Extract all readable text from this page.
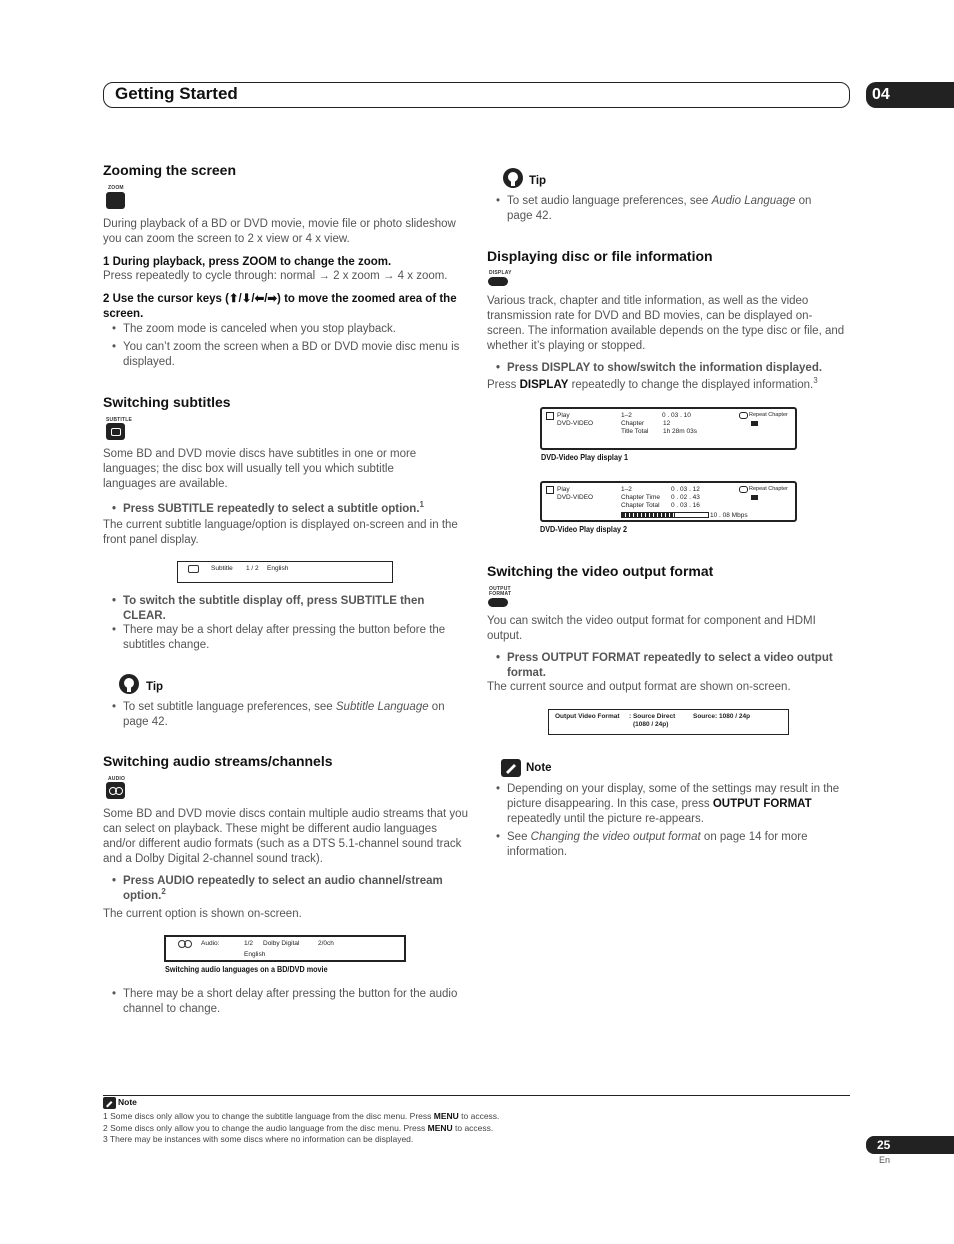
Getting Started	04
Zooming the screen
ZOOM
During playback of a BD or DVD movie, movie file or photo slideshow you can zoom the screen to 2 x view or 4 x view.
1 During playback, press ZOOM to change the zoom.
Press repeatedly to cycle through: normal → 2 x zoom → 4 x zoom.
2 Use the cursor keys (⬆/⬇/⬅/➡) to move the zoomed area of the screen.
• The zoom mode is canceled when you stop playback.
• You can’t zoom the screen when a BD or DVD movie disc menu is displayed.
Switching subtitles
SUBTITLE
Some BD and DVD movie discs have subtitles in one or more languages; the disc box will usually tell you which subtitle languages are available.
• Press SUBTITLE repeatedly to select a subtitle option.$^1$
The current subtitle language/option is displayed on-screen and in the front panel display.
Subtitle 1 / 2 English
• To switch the subtitle display off, press SUBTITLE then CLEAR.
• There may be a short delay after pressing the button before the subtitles change.
Tip
• To set subtitle language preferences, see Subtitle Language on page 42.
Switching audio streams/channels
AUDIO
Some BD and DVD movie discs contain multiple audio streams that you can select on playback. These might be different audio languages and/or different audio formats (such as a DTS 5.1-channel sound track and a Dolby Digital 2-channel sound track).
• Press AUDIO repeatedly to select an audio channel/stream option.$^2$
The current option is shown on-screen.
Audio:	1/2 Dolby Digital	2/0ch
English
Switching audio languages on a BD/DVD movie
• There may be a short delay after pressing the button for the audio channel to change.
Tip
• To set audio language preferences, see Audio Language on page 42.
Displaying disc or file information
DISPLAY
Various track, chapter and title information, as well as the video transmission rate for DVD and BD movies, can be displayed on-screen. The information available depends on the type disc or file, and whether it’s playing or stopped.
• Press DISPLAY to show/switch the information displayed.
Press DISPLAY repeatedly to change the displayed information.$^3$
Play
DVD-VIDEO
1–2	0 . 03 . 10
Chapter	12
Title Total 1h 28m 03s
Repeat Chapter
DVD-Video Play display 1
Play
DVD-VIDEO
1–2	0 . 03 . 12
Chapter Time 0 . 02 . 43
Chapter Total 0 . 03 . 16
10 . 08 Mbps
Repeat Chapter
DVD-Video Play display 2
Switching the video output format
OUTPUT
FORMAT
You can switch the video output format for component and HDMI output.
• Press OUTPUT FORMAT repeatedly to select a video output format.
The current source and output format are shown on-screen.
Output Video Format : Source Direct
(1080 / 24p)
Source: 1080 / 24p
Note
• Depending on your display, some of the settings may result in the picture disappearing. In this case, press OUTPUT FORMAT repeatedly until the picture re-appears.
• See Changing the video output format on page 14 for more information.
Note
1 Some discs only allow you to change the subtitle language from the disc menu. Press MENU to access.
2 Some discs only allow you to change the audio language from the disc menu. Press MENU to access.
3 There may be instances with some discs where no information can be displayed.	25
En
